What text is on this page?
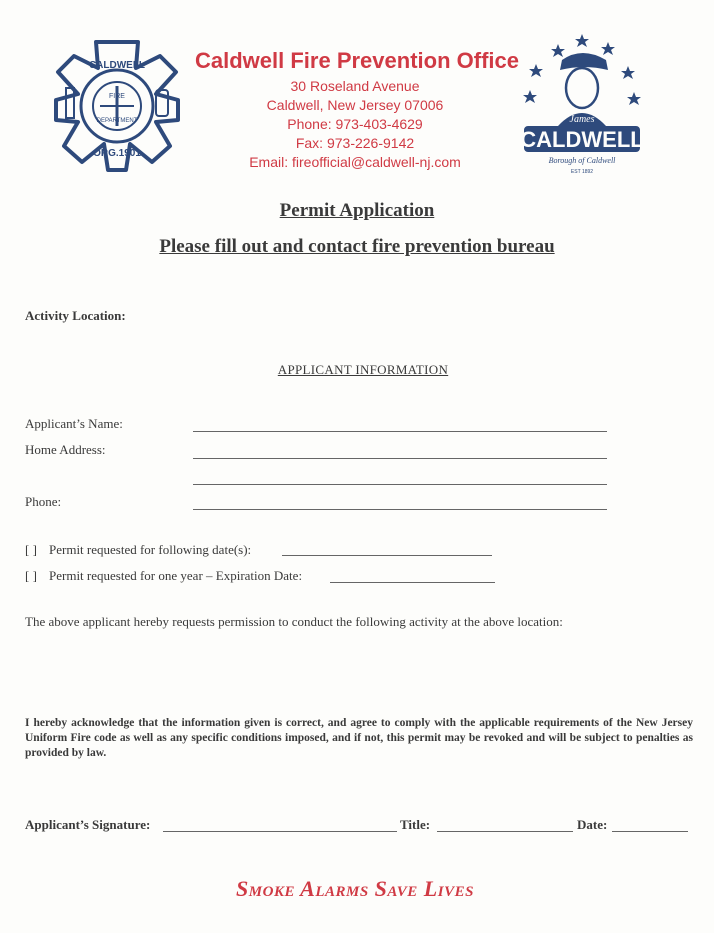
CALDWELL
FIRE
DEPARTMENT
ORG.1901
Caldwell Fire Prevention Office
30 Roseland Avenue
Caldwell, New Jersey 07006
Phone: 973-403-4629
Fax: 973-226-9142
Email: fireofficial@caldwell-nj.com
James
CALDWELL
Borough of Caldwell
EST 1892
Permit Application
Please fill out and contact fire prevention bureau
Activity Location:
APPLICANT INFORMATION
Applicant’s Name:
Home Address:
Phone:
[ ] Permit requested for following date(s):
[ ] Permit requested for one year – Expiration Date:
The above applicant hereby requests permission to conduct the following activity at the above location:
I hereby acknowledge that the information given is correct, and agree to comply with the applicable requirements of the New Jersey Uniform Fire code as well as any specific conditions imposed, and if not, this permit may be revoked and will be subject to penalties as provided by law.
Applicant’s Signature:	Title:	Date:
Smoke Alarms Save Lives
